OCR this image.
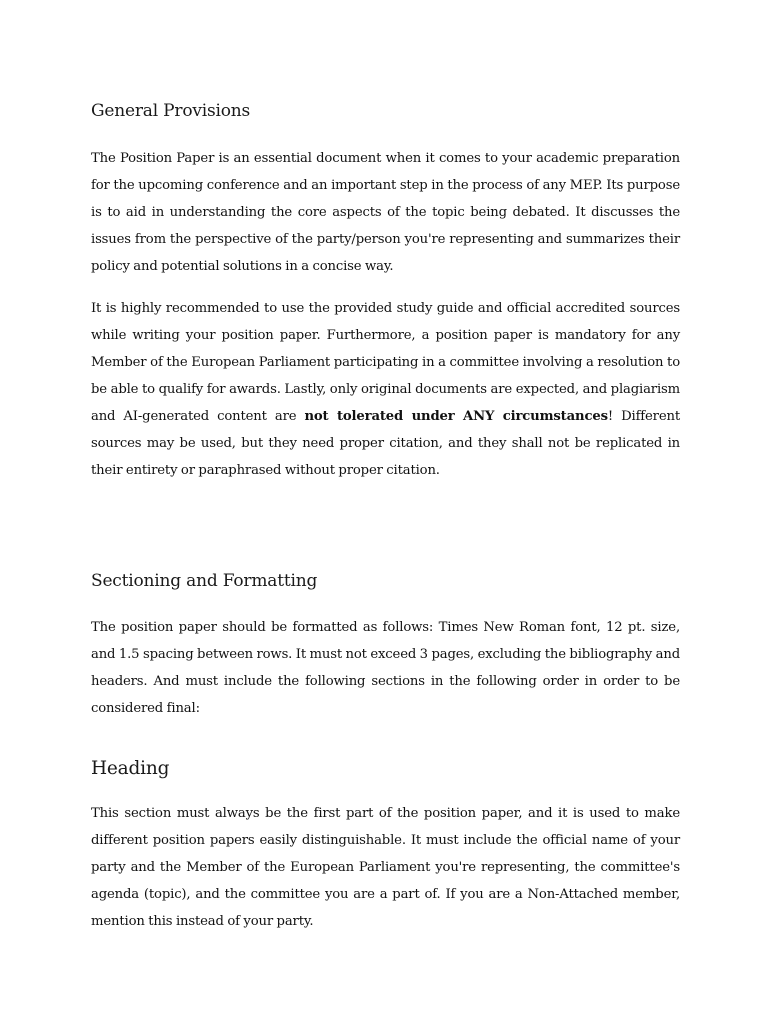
General Provisions

The Position Paper is an essential document when it comes to your academic preparation for the upcoming conference and an important step in the process of any MEP. Its purpose is to aid in understanding the core aspects of the topic being debated. It discusses the issues from the perspective of the party/person you're representing and summarizes their policy and potential solutions in a concise way.

It is highly recommended to use the provided study guide and official accredited sources while writing your position paper. Furthermore, a position paper is mandatory for any Member of the European Parliament participating in a committee involving a resolution to be able to qualify for awards. Lastly, only original documents are expected, and plagiarism and AI-generated content are not tolerated under ANY circumstances! Different sources may be used, but they need proper citation, and they shall not be replicated in their entirety or paraphrased without proper citation.

Sectioning and Formatting

The position paper should be formatted as follows: Times New Roman font, 12 pt. size, and 1.5 spacing between rows. It must not exceed 3 pages, excluding the bibliography and headers. And must include the following sections in the following order in order to be considered final:

Heading

This section must always be the first part of the position paper, and it is used to make different position papers easily distinguishable. It must include the official name of your party and the Member of the European Parliament you're representing, the committee's agenda (topic), and the committee you are a part of. If you are a Non-Attached member, mention this instead of your party.
